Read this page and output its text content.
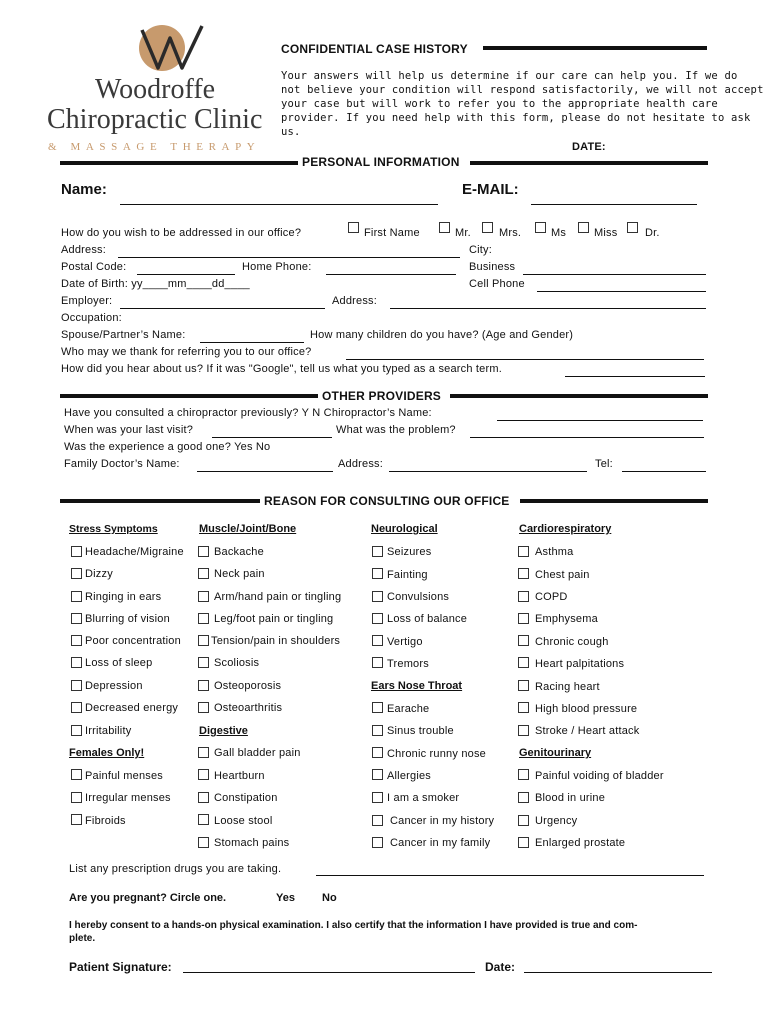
Woodroffe
Chiropractic Clinic
& MASSAGE THERAPY
CONFIDENTIAL CASE HISTORY
Your answers will help us determine if our care can help you. If we do
not believe your condition will respond satisfactorily, we will not accept
your case but will work to refer you to the appropriate health care
provider. If you need help with this form, please do not hesitate to ask
us.
DATE:
PERSONAL INFORMATION
Name:	E-MAIL:
How do you wish to be addressed in our office?	First Name	Mr.	Mrs.	Ms	Miss	Dr.
Address:	City:
Postal Code:	Home Phone:	Business
Date of Birth: yy____mm____dd____	Cell Phone
Employer:	Address:
Occupation:
Spouse/Partner’s Name:	How many children do you have? (Age and Gender)
Who may we thank for referring you to our office?
How did you hear about us? If it was "Google", tell us what you typed as a search term.
OTHER PROVIDERS
Have you consulted a chiropractor previously? Y N Chiropractor’s Name:
When was your last visit?	What was the problem?
Was the experience a good one? Yes No
Family Doctor’s Name:	Address:	Tel:
REASON FOR CONSULTING OUR OFFICE
Stress Symptoms
Headache/Migraine
Dizzy
Ringing in ears
Blurring of vision
Poor concentration
Loss of sleep
Depression
Decreased energy
Irritability
Females Only!
Painful menses
Irregular menses
Fibroids
Muscle/Joint/Bone
Backache
Neck pain
Arm/hand pain or tingling
Leg/foot pain or tingling
Tension/pain in shoulders
Scoliosis
Osteoporosis
Osteoarthritis
Digestive
Gall bladder pain
Heartburn
Constipation
Loose stool
Stomach pains
Neurological
Seizures
Fainting
Convulsions
Loss of balance
Vertigo
Tremors
Ears Nose Throat
Earache
Sinus trouble
Chronic runny nose
Allergies
I am a smoker
Cancer in my history
Cancer in my family
Cardiorespiratory
Asthma
Chest pain
COPD
Emphysema
Chronic cough
Heart palpitations
Racing heart
High blood pressure
Stroke / Heart attack
Genitourinary
Painful voiding of bladder
Blood in urine
Urgency
Enlarged prostate
List any prescription drugs you are taking.
Are you pregnant? Circle one.	Yes No
I hereby consent to a hands-on physical examination. I also certify that the information I have provided is true and com-
plete.
Patient Signature:	Date:
